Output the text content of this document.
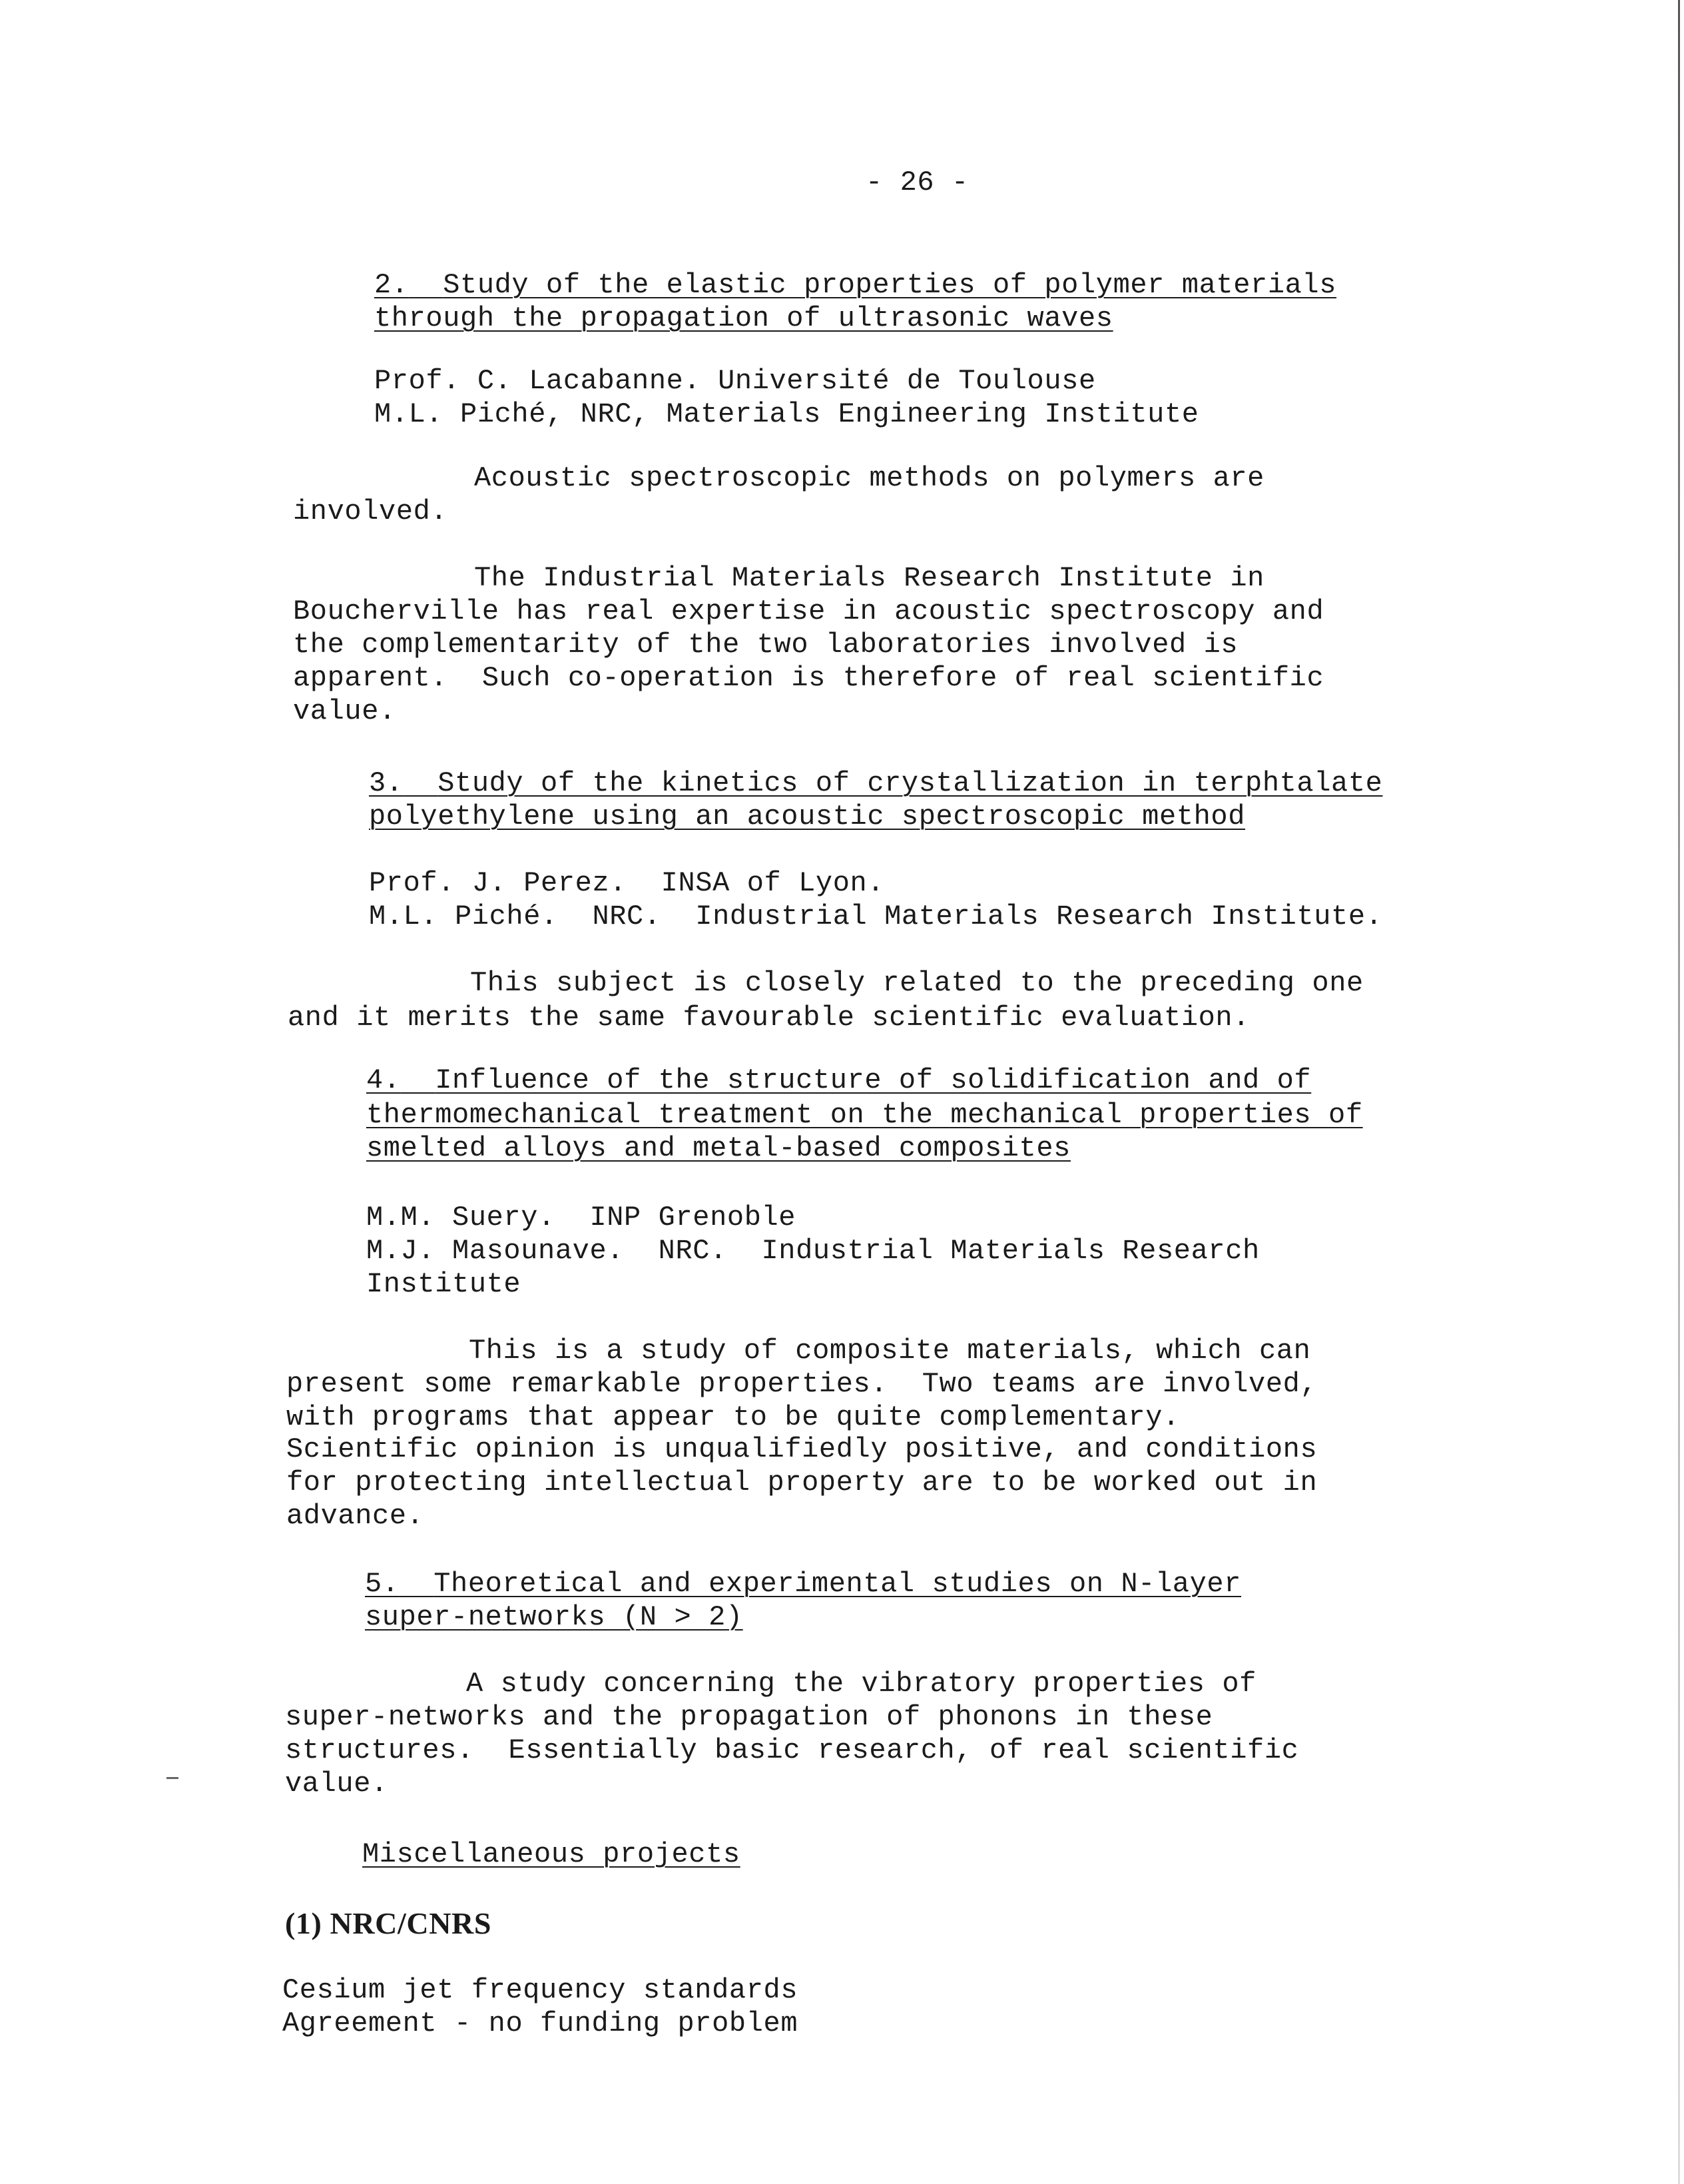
- 26 -

2. Study of the elastic properties of polymer materials

through the propagation of ultrasonic waves

Prof. C. Lacabanne. Université de Toulouse

M.L. Piché, NRC, Materials Engineering Institute

Acoustic spectroscopic methods on polymers are

involved.

The Industrial Materials Research Institute in

Boucherville has real expertise in acoustic spectroscopy and

the complementarity of the two laboratories involved is

apparent.  Such co-operation is therefore of real scientific

value.

3. Study of the kinetics of crystallization in terphtalate

polyethylene using an acoustic spectroscopic method

Prof. J. Perez.  INSA of Lyon.

M.L. Piché.  NRC.  Industrial Materials Research Institute.

This subject is closely related to the preceding one

and it merits the same favourable scientific evaluation.

4. Influence of the structure of solidification and of

thermomechanical treatment on the mechanical properties of

smelted alloys and metal-based composites

M.M. Suery.  INP Grenoble

M.J. Masounave.  NRC.  Industrial Materials Research

Institute

This is a study of composite materials, which can

present some remarkable properties.  Two teams are involved,

with programs that appear to be quite complementary.

Scientific opinion is unqualifiedly positive, and conditions

for protecting intellectual property are to be worked out in

advance.

5. Theoretical and experimental studies on N-layer

super-networks (N > 2)

A study concerning the vibratory properties of

super-networks and the propagation of phonons in these

structures.  Essentially basic research, of real scientific

value.

Miscellaneous projects

(1) NRC/CNRS

Cesium jet frequency standards

Agreement - no funding problem
